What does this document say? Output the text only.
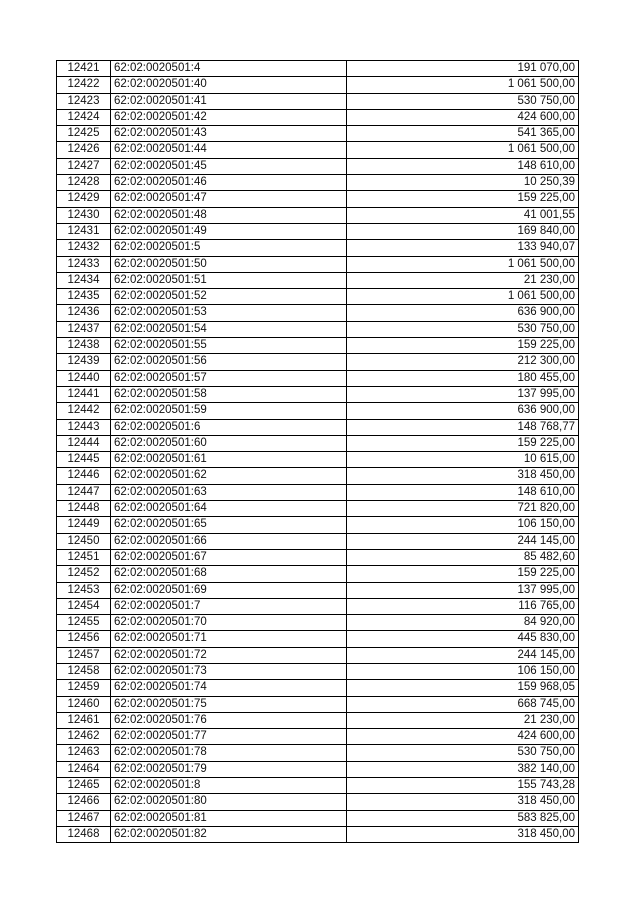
12421	62:02:0020501:4	191 070,00
12422	62:02:0020501:40	1 061 500,00
12423	62:02:0020501:41	530 750,00
12424	62:02:0020501:42	424 600,00
12425	62:02:0020501:43	541 365,00
12426	62:02:0020501:44	1 061 500,00
12427	62:02:0020501:45	148 610,00
12428	62:02:0020501:46	10 250,39
12429	62:02:0020501:47	159 225,00
12430	62:02:0020501:48	41 001,55
12431	62:02:0020501:49	169 840,00
12432	62:02:0020501:5	133 940,07
12433	62:02:0020501:50	1 061 500,00
12434	62:02:0020501:51	21 230,00
12435	62:02:0020501:52	1 061 500,00
12436	62:02:0020501:53	636 900,00
12437	62:02:0020501:54	530 750,00
12438	62:02:0020501:55	159 225,00
12439	62:02:0020501:56	212 300,00
12440	62:02:0020501:57	180 455,00
12441	62:02:0020501:58	137 995,00
12442	62:02:0020501:59	636 900,00
12443	62:02:0020501:6	148 768,77
12444	62:02:0020501:60	159 225,00
12445	62:02:0020501:61	10 615,00
12446	62:02:0020501:62	318 450,00
12447	62:02:0020501:63	148 610,00
12448	62:02:0020501:64	721 820,00
12449	62:02:0020501:65	106 150,00
12450	62:02:0020501:66	244 145,00
12451	62:02:0020501:67	85 482,60
12452	62:02:0020501:68	159 225,00
12453	62:02:0020501:69	137 995,00
12454	62:02:0020501:7	116 765,00
12455	62:02:0020501:70	84 920,00
12456	62:02:0020501:71	445 830,00
12457	62:02:0020501:72	244 145,00
12458	62:02:0020501:73	106 150,00
12459	62:02:0020501:74	159 968,05
12460	62:02:0020501:75	668 745,00
12461	62:02:0020501:76	21 230,00
12462	62:02:0020501:77	424 600,00
12463	62:02:0020501:78	530 750,00
12464	62:02:0020501:79	382 140,00
12465	62:02:0020501:8	155 743,28
12466	62:02:0020501:80	318 450,00
12467	62:02:0020501:81	583 825,00
12468	62:02:0020501:82	318 450,00
